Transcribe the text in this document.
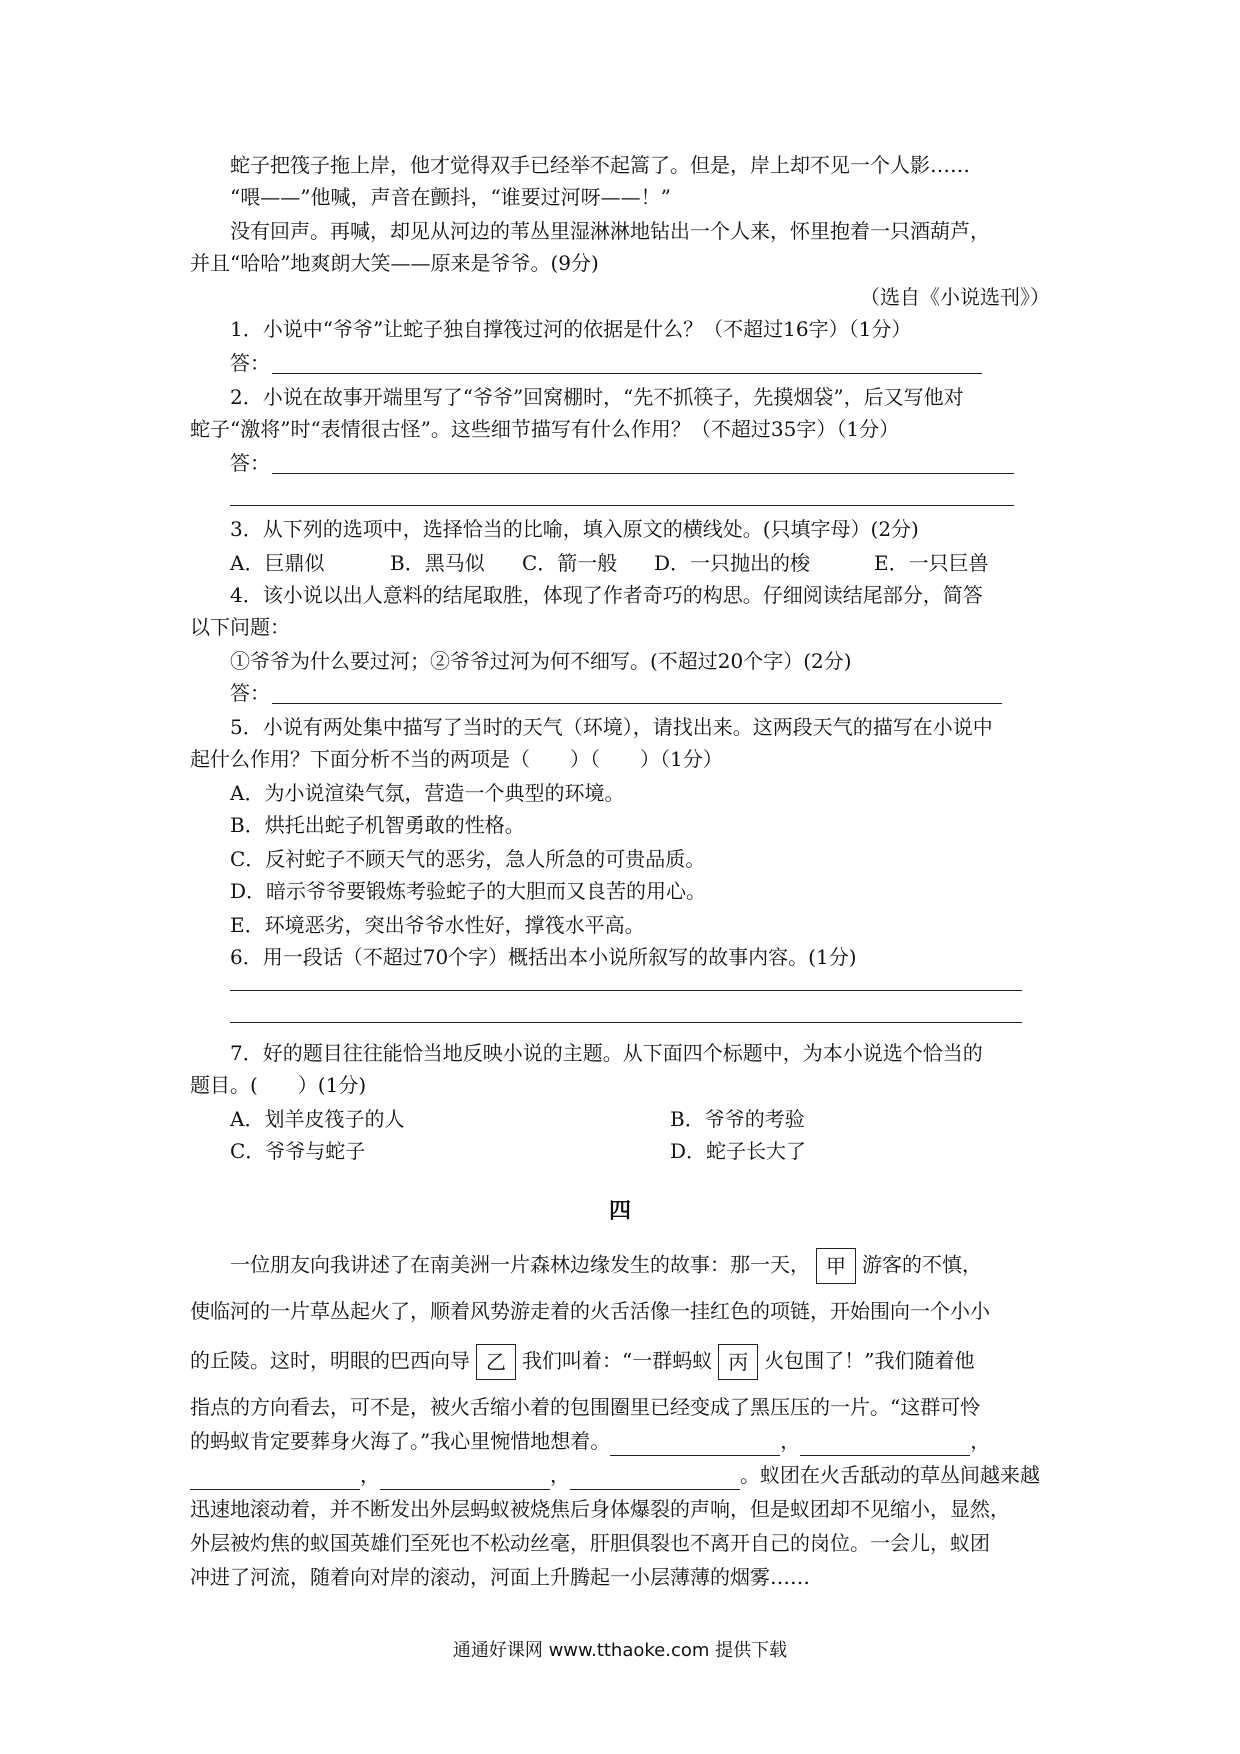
蛇子把筏子拖上岸，他才觉得双手已经举不起篙了。但是，岸上却不见一个人影……
“喂——”他喊，声音在颤抖，“谁要过河呀——！”
没有回声。再喊，却见从河边的苇丛里湿淋淋地钻出一个人来，怀里抱着一只酒葫芦，
并且“哈哈”地爽朗大笑——原来是爷爷。(9分)
（选自《小说选刊》）
1．小说中“爷爷”让蛇子独自撑筏过河的依据是什么？（不超过16字）（1分）
答：
2．小说在故事开端里写了“爷爷”回窝棚时，“先不抓筷子，先摸烟袋”，后又写他对
蛇子“激将”时“表情很古怪”。这些细节描写有什么作用？（不超过35字）（1分）
答：
3．从下列的选项中，选择恰当的比喻，填入原文的横线处。(只填字母）(2分)
A．巨鼎似	B．黑马似 C．箭一般 D．一只抛出的梭	E．一只巨兽
4．该小说以出人意料的结尾取胜，体现了作者奇巧的构思。仔细阅读结尾部分，简答
以下问题：
①爷爷为什么要过河；②爷爷过河为何不细写。(不超过20个字）(2分)
答：
5．小说有两处集中描写了当时的天气（环境），请找出来。这两段天气的描写在小说中
起什么作用？下面分析不当的两项是（　　）（　　）（1分）
A．为小说渲染气氛，营造一个典型的环境。
B．烘托出蛇子机智勇敢的性格。
C．反衬蛇子不顾天气的恶劣，急人所急的可贵品质。
D．暗示爷爷要锻炼考验蛇子的大胆而又良苦的用心。
E．环境恶劣，突出爷爷水性好，撑筏水平高。
6．用一段话（不超过70个字）概括出本小说所叙写的故事内容。(1分)
7．好的题目往往能恰当地反映小说的主题。从下面四个标题中，为本小说选个恰当的
题目。(　　）(1分)
A．划羊皮筏子的人	B．爷爷的考验
C．爷爷与蛇子	D．蛇子长大了
四
一位朋友向我讲述了在南美洲一片森林边缘发生的故事：那一天， 甲 游客的不慎，
使临河的一片草丛起火了，顺着风势游走着的火舌活像一挂红色的项链，开始围向一个小小
的丘陵。这时，明眼的巴西向导 乙 我们叫着：“一群蚂蚁 丙 火包围了！”我们随着他
指点的方向看去，可不是，被火舌缩小着的包围圈里已经变成了黑压压的一片。“这群可怜
的蚂蚁肯定要葬身火海了。”我心里惋惜地想着。	，	，
，	，	。蚁团在火舌舐动的草丛间越来越
迅速地滚动着，并不断发出外层蚂蚁被烧焦后身体爆裂的声响，但是蚁团却不见缩小，显然，
外层被灼焦的蚁国英雄们至死也不松动丝毫，肝胆俱裂也不离开自己的岗位。一会儿，蚁团
冲进了河流，随着向对岸的滚动，河面上升腾起一小层薄薄的烟雾……
通通好课网 www.tthaoke.com 提供下载
